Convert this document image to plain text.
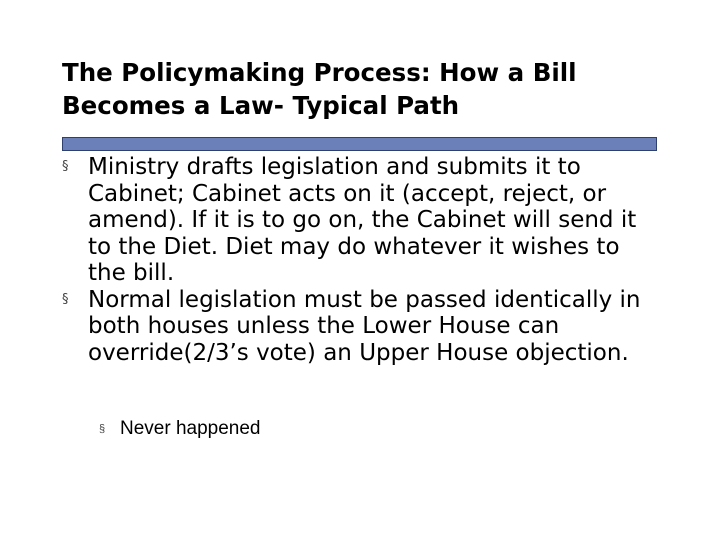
The Policymaking Process: How a Bill Becomes a Law- Typical Path
§ Ministry drafts legislation and submits it to Cabinet; Cabinet acts on it (accept, reject, or amend). If it is to go on, the Cabinet will send it to the Diet. Diet may do whatever it wishes to the bill.
§ Normal legislation must be passed identically in both houses unless the Lower House can override(2/3’s vote) an Upper House objection.
§ Never happened
